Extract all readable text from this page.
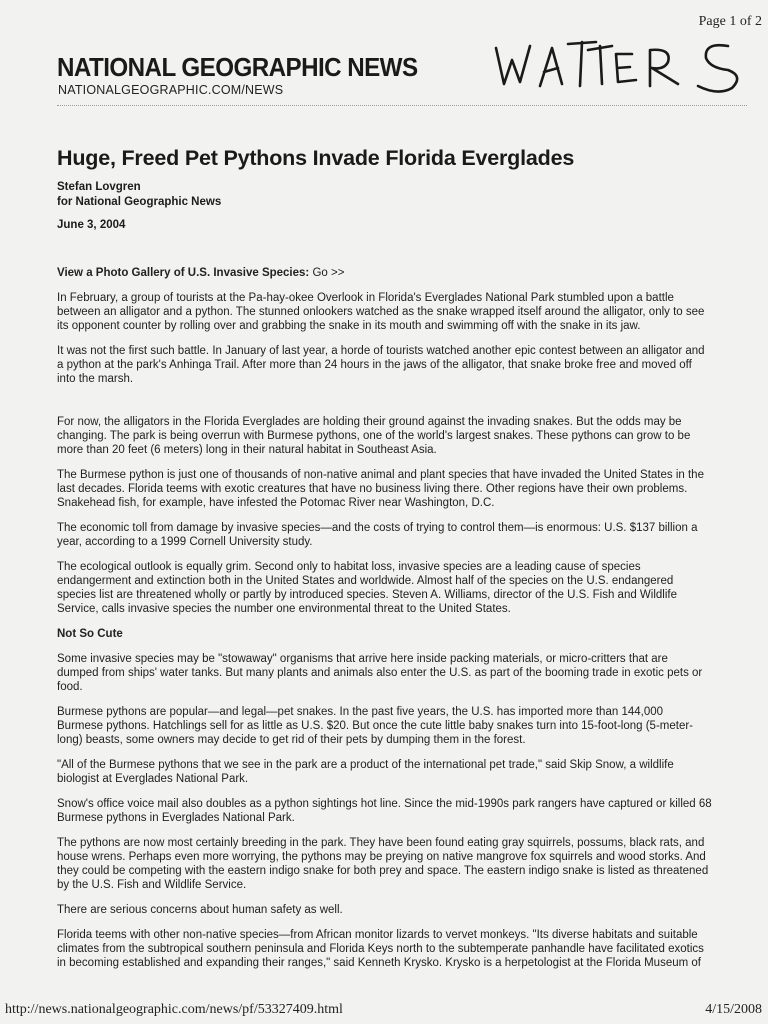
Page 1 of 2
NATIONAL GEOGRAPHIC NEWS
NATIONALGEOGRAPHIC.COM/NEWS
Huge, Freed Pet Pythons Invade Florida Everglades
Stefan Lovgren
for National Geographic News
June 3, 2004

View a Photo Gallery of U.S. Invasive Species: Go >>

In February, a group of tourists at the Pa-hay-okee Overlook in Florida's Everglades National Park stumbled upon a battle between an alligator and a python. The stunned onlookers watched as the snake wrapped itself around the alligator, only to see its opponent counter by rolling over and grabbing the snake in its mouth and swimming off with the snake in its jaw.

It was not the first such battle. In January of last year, a horde of tourists watched another epic contest between an alligator and a python at the park's Anhinga Trail. After more than 24 hours in the jaws of the alligator, that snake broke free and moved off into the marsh.

For now, the alligators in the Florida Everglades are holding their ground against the invading snakes. But the odds may be changing. The park is being overrun with Burmese pythons, one of the world's largest snakes. These pythons can grow to be more than 20 feet (6 meters) long in their natural habitat in Southeast Asia.

The Burmese python is just one of thousands of non-native animal and plant species that have invaded the United States in the last decades. Florida teems with exotic creatures that have no business living there. Other regions have their own problems. Snakehead fish, for example, have infested the Potomac River near Washington, D.C.

The economic toll from damage by invasive species—and the costs of trying to control them—is enormous: U.S. $137 billion a year, according to a 1999 Cornell University study.

The ecological outlook is equally grim. Second only to habitat loss, invasive species are a leading cause of species endangerment and extinction both in the United States and worldwide. Almost half of the species on the U.S. endangered species list are threatened wholly or partly by introduced species. Steven A. Williams, director of the U.S. Fish and Wildlife Service, calls invasive species the number one environmental threat to the United States.

Not So Cute

Some invasive species may be "stowaway" organisms that arrive here inside packing materials, or micro-critters that are dumped from ships' water tanks. But many plants and animals also enter the U.S. as part of the booming trade in exotic pets or food.

Burmese pythons are popular—and legal—pet snakes. In the past five years, the U.S. has imported more than 144,000 Burmese pythons. Hatchlings sell for as little as U.S. $20. But once the cute little baby snakes turn into 15-foot-long (5-meter-long) beasts, some owners may decide to get rid of their pets by dumping them in the forest.

"All of the Burmese pythons that we see in the park are a product of the international pet trade," said Skip Snow, a wildlife biologist at Everglades National Park.

Snow's office voice mail also doubles as a python sightings hot line. Since the mid-1990s park rangers have captured or killed 68 Burmese pythons in Everglades National Park.

The pythons are now most certainly breeding in the park. They have been found eating gray squirrels, possums, black rats, and house wrens. Perhaps even more worrying, the pythons may be preying on native mangrove fox squirrels and wood storks. And they could be competing with the eastern indigo snake for both prey and space. The eastern indigo snake is listed as threatened by the U.S. Fish and Wildlife Service.

There are serious concerns about human safety as well.

Florida teems with other non-native species—from African monitor lizards to vervet monkeys. "Its diverse habitats and suitable climates from the subtropical southern peninsula and Florida Keys north to the subtemperate panhandle have facilitated exotics in becoming established and expanding their ranges," said Kenneth Krysko. Krysko is a herpetologist at the Florida Museum of

http://news.nationalgeographic.com/news/pf/53327409.html	4/15/2008
